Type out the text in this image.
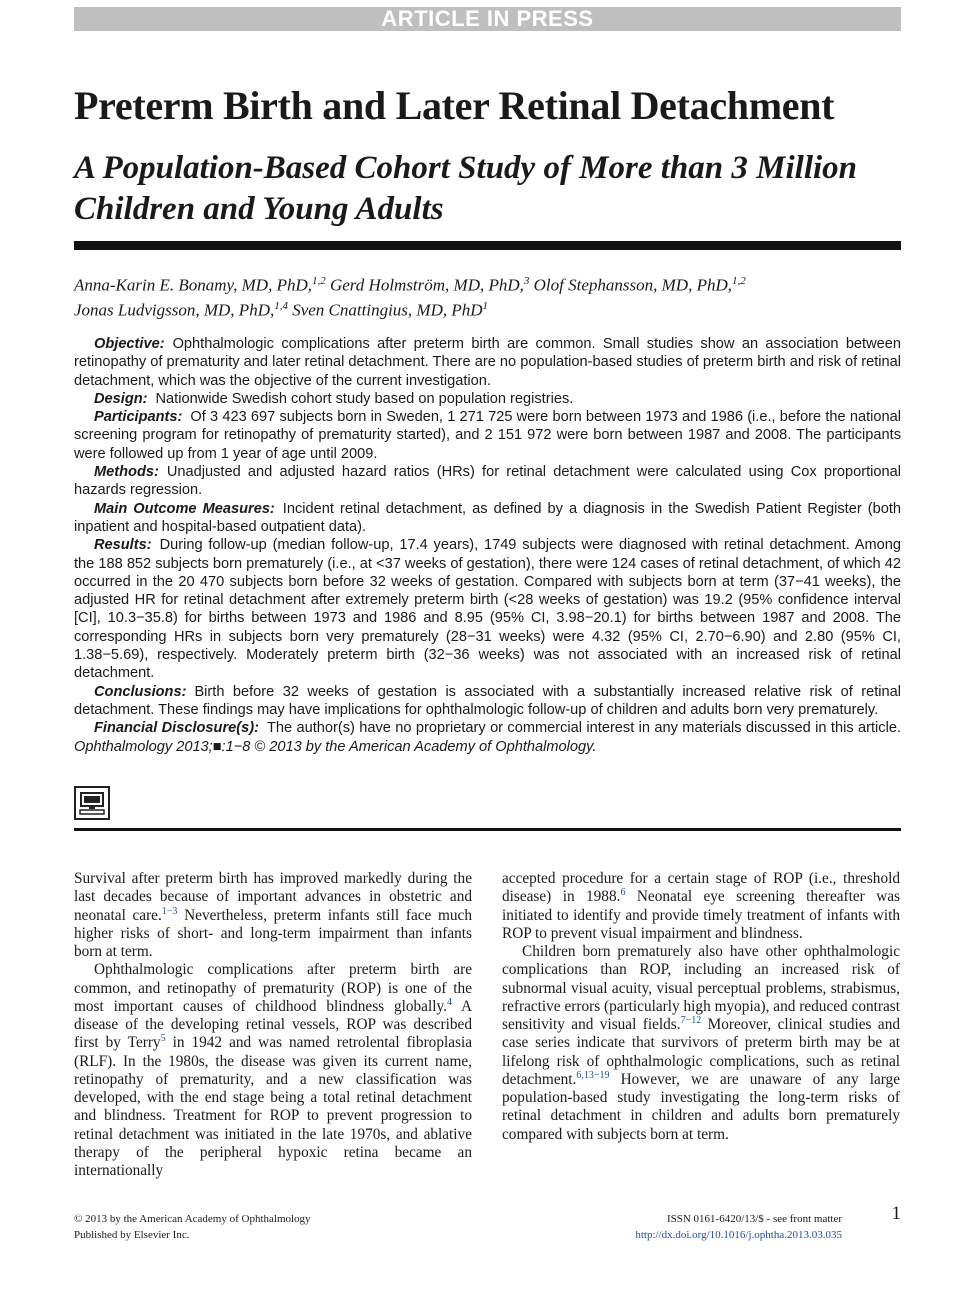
ARTICLE IN PRESS
Preterm Birth and Later Retinal Detachment
A Population-Based Cohort Study of More than 3 Million Children and Young Adults
Anna-Karin E. Bonamy, MD, PhD,$^{1,2}$ Gerd Holmström, MD, PhD,$^3$ Olof Stephansson, MD, PhD,$^{1,2}$
Jonas Ludvigsson, MD, PhD,$^{1,4}$ Sven Cnattingius, MD, PhD$^1$

Objective: Ophthalmologic complications after preterm birth are common. Small studies show an association between retinopathy of prematurity and later retinal detachment. There are no population-based studies of preterm birth and risk of retinal detachment, which was the objective of the current investigation.

Design: Nationwide Swedish cohort study based on population registries.

Participants: Of 3 423 697 subjects born in Sweden, 1 271 725 were born between 1973 and 1986 (i.e., before the national screening program for retinopathy of prematurity started), and 2 151 972 were born between 1987 and 2008. The participants were followed up from 1 year of age until 2009.

Methods: Unadjusted and adjusted hazard ratios (HRs) for retinal detachment were calculated using Cox proportional hazards regression.

Main Outcome Measures: Incident retinal detachment, as defined by a diagnosis in the Swedish Patient Register (both inpatient and hospital-based outpatient data).

Results: During follow-up (median follow-up, 17.4 years), 1749 subjects were diagnosed with retinal detachment. Among the 188 852 subjects born prematurely (i.e., at <37 weeks of gestation), there were 124 cases of retinal detachment, of which 42 occurred in the 20 470 subjects born before 32 weeks of gestation. Compared with subjects born at term (37−41 weeks), the adjusted HR for retinal detachment after extremely preterm birth (<28 weeks of gestation) was 19.2 (95% confidence interval [CI], 10.3−35.8) for births between 1973 and 1986 and 8.95 (95% CI, 3.98−20.1) for births between 1987 and 2008. The corresponding HRs in subjects born very prematurely (28−31 weeks) were 4.32 (95% CI, 2.70−6.90) and 2.80 (95% CI, 1.38−5.69), respectively. Moderately preterm birth (32−36 weeks) was not associated with an increased risk of retinal detachment.

Conclusions: Birth before 32 weeks of gestation is associated with a substantially increased relative risk of retinal detachment. These findings may have implications for ophthalmologic follow-up of children and adults born very prematurely.

Financial Disclosure(s): The author(s) have no proprietary or commercial interest in any materials discussed in this article. Ophthalmology 2013;■:1−8 © 2013 by the American Academy of Ophthalmology.

Survival after preterm birth has improved markedly during the last decades because of important advances in obstetric and neonatal care.$^{1-3}$ Nevertheless, preterm infants still face much higher risks of short- and long-term impairment than infants born at term.

Ophthalmologic complications after preterm birth are common, and retinopathy of prematurity (ROP) is one of the most important causes of childhood blindness globally.$^4$ A disease of the developing retinal vessels, ROP was described first by Terry$^5$ in 1942 and was named retrolental fibroplasia (RLF). In the 1980s, the disease was given its current name, retinopathy of prematurity, and a new classification was developed, with the end stage being a total retinal detachment and blindness. Treatment for ROP to prevent progression to retinal detachment was initiated in the late 1970s, and ablative therapy of the peripheral hypoxic retina became an internationally

accepted procedure for a certain stage of ROP (i.e., threshold disease) in 1988.$^6$ Neonatal eye screening thereafter was initiated to identify and provide timely treatment of infants with ROP to prevent visual impairment and blindness.

Children born prematurely also have other ophthalmologic complications than ROP, including an increased risk of subnormal visual acuity, visual perceptual problems, strabismus, refractive errors (particularly high myopia), and reduced contrast sensitivity and visual fields.$^{7-12}$ Moreover, clinical studies and case series indicate that survivors of preterm birth may be at lifelong risk of ophthalmologic complications, such as retinal detachment.$^{6,13-19}$ However, we are unaware of any large population-based study investigating the long-term risks of retinal detachment in children and adults born prematurely compared with subjects born at term.

© 2013 by the American Academy of Ophthalmology
Published by Elsevier Inc.
ISSN 0161-6420/13/$ - see front matter
http://dx.doi.org/10.1016/j.ophtha.2013.03.035
1
